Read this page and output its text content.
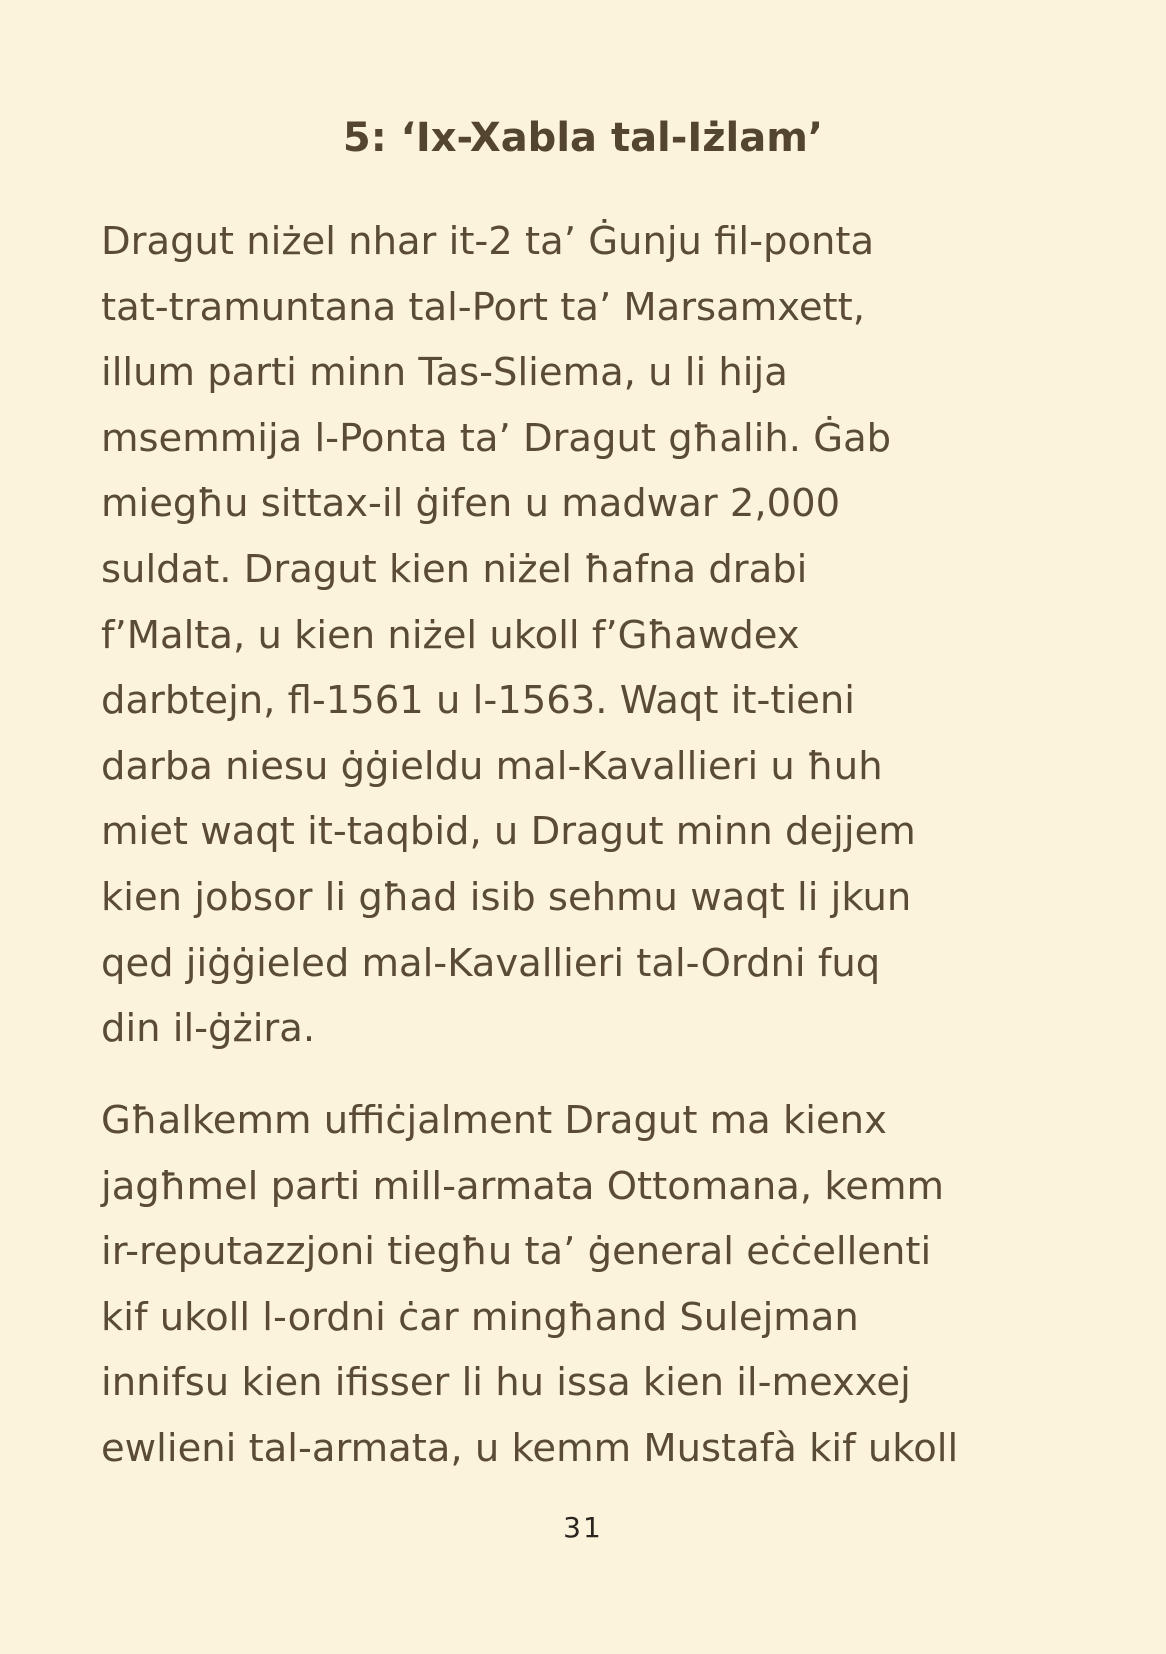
5: ‘Ix-Xabla tal-Iżlam’

Dragut niżel nhar it-2 ta’ Ġunju fil-ponta
tat-tramuntana tal-Port ta’ Marsamxett,
illum parti minn Tas-Sliema, u li hija
msemmija l-Ponta ta’ Dragut għalih. Ġab
miegħu sittax-il ġifen u madwar 2,000
suldat. Dragut kien niżel ħafna drabi
f’Malta, u kien niżel ukoll f’Għawdex
darbtejn, fl-1561 u l-1563. Waqt it-tieni
darba niesu ġġieldu mal-Kavallieri u ħuh
miet waqt it-taqbid, u Dragut minn dejjem
kien jobsor li għad isib sehmu waqt li jkun
qed jiġġieled mal-Kavallieri tal-Ordni fuq
din il-ġżira.

Għalkemm uffiċjalment Dragut ma kienx
jagħmel parti mill-armata Ottomana, kemm
ir-reputazzjoni tiegħu ta’ ġeneral eċċellenti
kif ukoll l-ordni ċar mingħand Sulejman
innifsu kien ifisser li hu issa kien il-mexxej
ewlieni tal-armata, u kemm Mustafà kif ukoll

31
